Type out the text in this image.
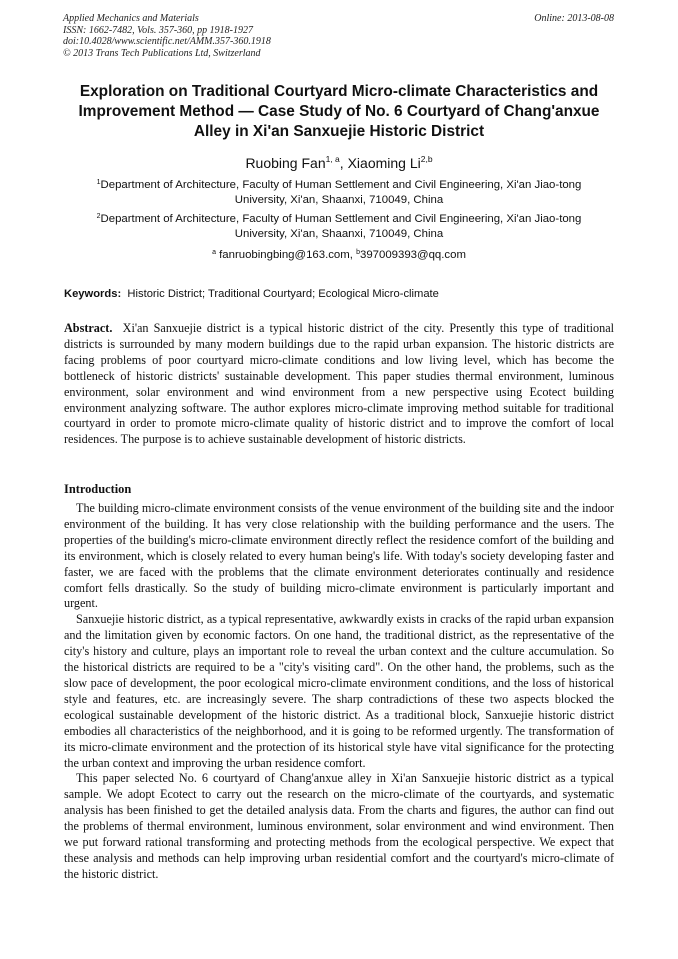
Applied Mechanics and Materials
ISSN: 1662-7482, Vols. 357-360, pp 1918-1927
doi:10.4028/www.scientific.net/AMM.357-360.1918
© 2013 Trans Tech Publications Ltd, Switzerland
Online: 2013-08-08
Exploration on Traditional Courtyard Micro-climate Characteristics and
Improvement Method — Case Study of No. 6 Courtyard of Chang'anxue
Alley in Xi'an Sanxuejie Historic District
Ruobing Fan$^{1, a}$, Xiaoming Li$^{2,b}$
$^1$Department of Architecture, Faculty of Human Settlement and Civil Engineering, Xi'an Jiao-tong
University, Xi'an, Shaanxi, 710049, China
$^2$Department of Architecture, Faculty of Human Settlement and Civil Engineering, Xi'an Jiao-tong
University, Xi'an, Shaanxi, 710049, China
$^a$ fanruobingbing@163.com, $^b$397009393@qq.com
Keywords: Historic District; Traditional Courtyard; Ecological Micro-climate
Abstract. Xi'an Sanxuejie district is a typical historic district of the city. Presently this type of traditional districts is surrounded by many modern buildings due to the rapid urban expansion. The historic districts are facing problems of poor courtyard micro-climate conditions and low living level, which has become the bottleneck of historic districts' sustainable development. This paper studies thermal environment, luminous environment, solar environment and wind environment from a new perspective using Ecotect building environment analyzing software. The author explores micro-climate improving method suitable for traditional courtyard in order to promote micro-climate quality of historic district and to improve the comfort of local residences. The purpose is to achieve sustainable development of historic districts.
Introduction

The building micro-climate environment consists of the venue environment of the building site and the indoor environment of the building. It has very close relationship with the building performance and the users. The properties of the building's micro-climate environment directly reflect the residence comfort of the building and its environment, which is closely related to every human being's life. With today's society developing faster and faster, we are faced with the problems that the climate environment deteriorates continually and residence comfort fells drastically. So the study of building micro-climate environment is particularly important and urgent.

Sanxuejie historic district, as a typical representative, awkwardly exists in cracks of the rapid urban expansion and the limitation given by economic factors. On one hand, the traditional district, as the representative of the city's history and culture, plays an important role to reveal the urban context and the culture accumulation. So the historical districts are required to be a "city's visiting card". On the other hand, the problems, such as the slow pace of development, the poor ecological micro-climate environment conditions, and the loss of historical style and features, etc. are increasingly severe. The sharp contradictions of these two aspects blocked the ecological sustainable development of the historic district. As a traditional block, Sanxuejie historic district embodies all characteristics of the neighborhood, and it is going to be reformed urgently. The transformation of its micro-climate environment and the protection of its historical style have vital significance for the protecting the urban context and improving the urban residence comfort.

This paper selected No. 6 courtyard of Chang'anxue alley in Xi'an Sanxuejie historic district as a typical sample. We adopt Ecotect to carry out the research on the micro-climate of the courtyards, and systematic analysis has been finished to get the detailed analysis data. From the charts and figures, the author can find out the problems of thermal environment, luminous environment, solar environment and wind environment. Then we put forward rational transforming and protecting methods from the ecological perspective. We expect that these analysis and methods can help improving urban residential comfort and the courtyard's micro-climate of the historic district.
